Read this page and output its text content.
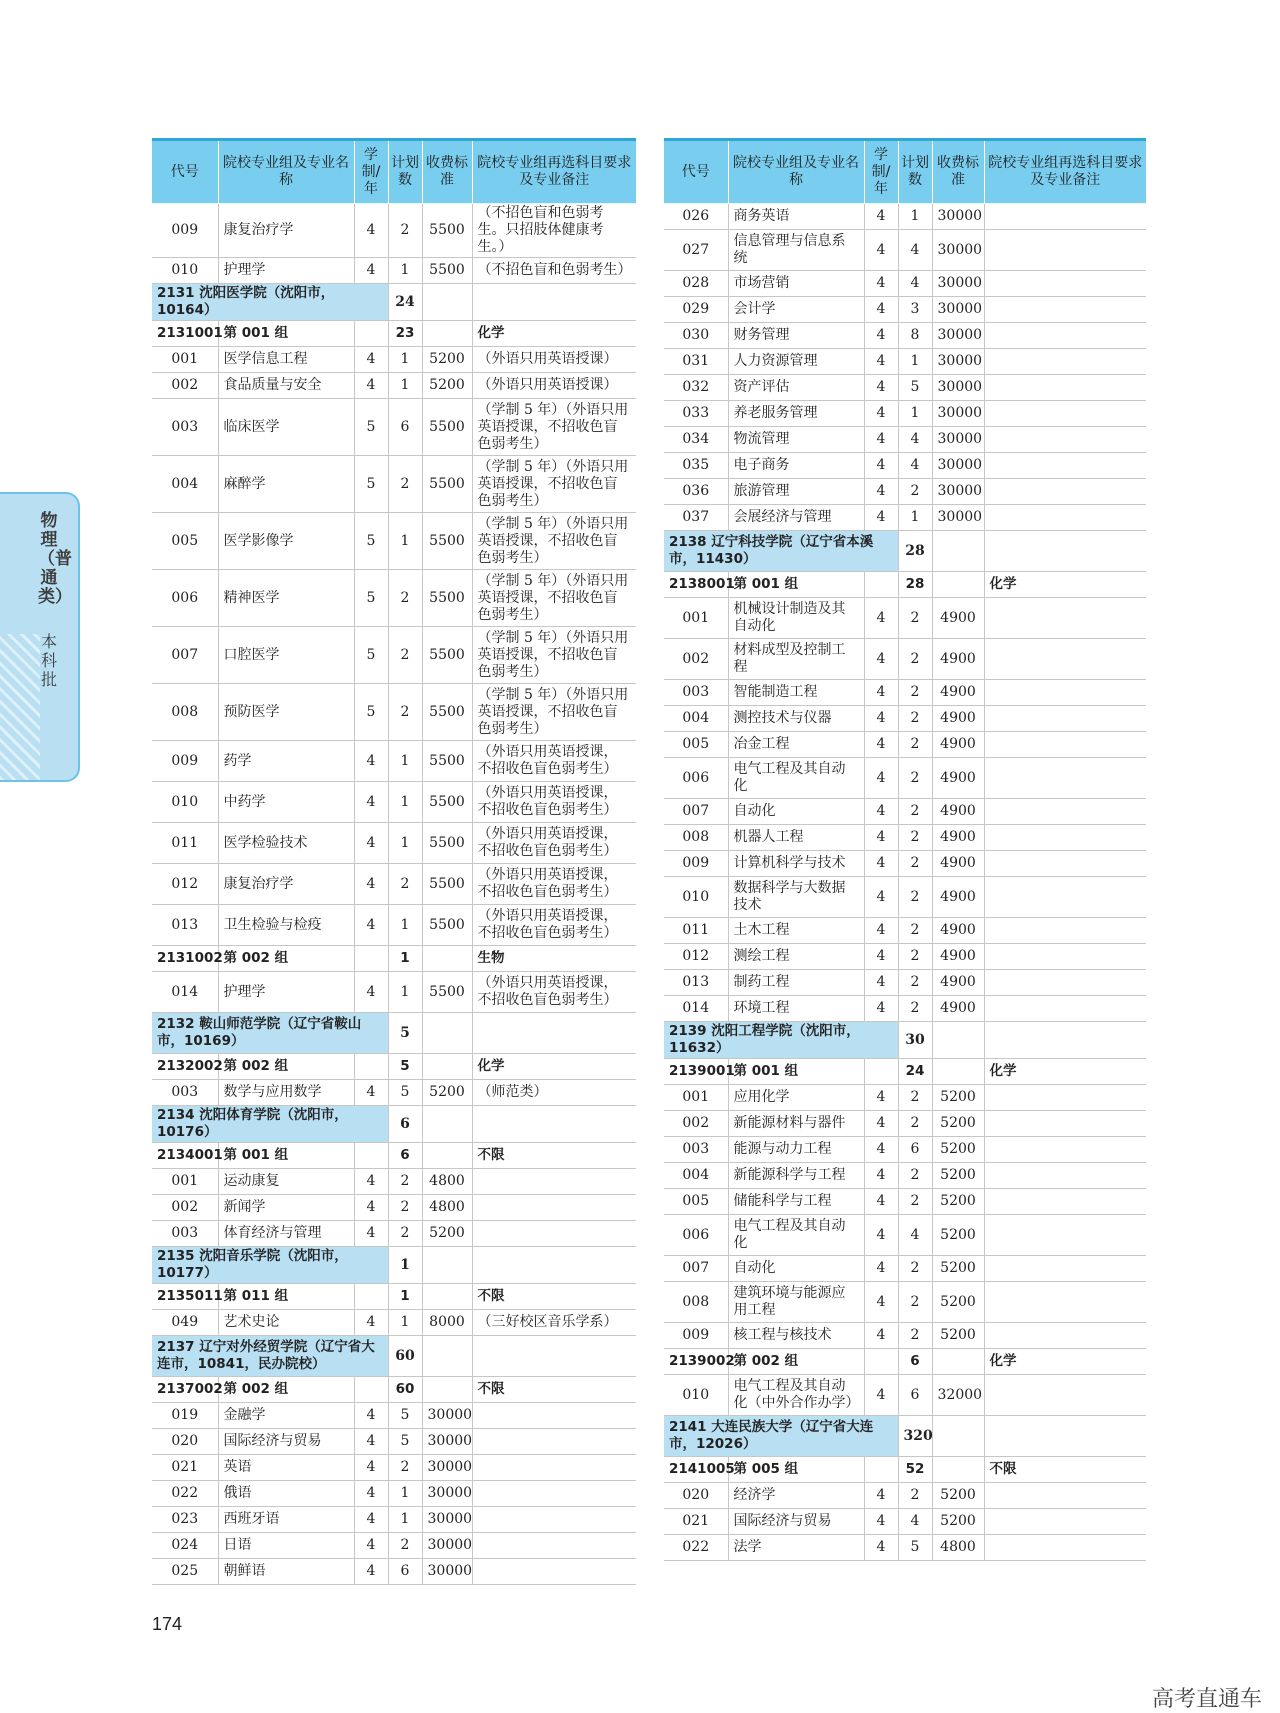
物理（普通类）
本科批
代号	院校专业组及专业名称	学制/年	计划数	收费标准	院校专业组再选科目要求及专业备注
009	康复治疗学	4	2	5500	（不招色盲和色弱考生。只招肢体健康考生。）
010	护理学	4	1	5500	（不招色盲和色弱考生）
2131 沈阳医学院（沈阳市，10164）			24		
2131001	第 001 组		23		化学
001	医学信息工程	4	1	5200	（外语只用英语授课）
002	食品质量与安全	4	1	5200	（外语只用英语授课）
003	临床医学	5	6	5500	（学制 5 年）（外语只用英语授课，不招收色盲色弱考生）
004	麻醉学	5	2	5500	（学制 5 年）（外语只用英语授课，不招收色盲色弱考生）
005	医学影像学	5	1	5500	（学制 5 年）（外语只用英语授课，不招收色盲色弱考生）
006	精神医学	5	2	5500	（学制 5 年）（外语只用英语授课，不招收色盲色弱考生）
007	口腔医学	5	2	5500	（学制 5 年）（外语只用英语授课，不招收色盲色弱考生）
008	预防医学	5	2	5500	（学制 5 年）（外语只用英语授课，不招收色盲色弱考生）
009	药学	4	1	5500	（外语只用英语授课，不招收色盲色弱考生）
010	中药学	4	1	5500	（外语只用英语授课，不招收色盲色弱考生）
011	医学检验技术	4	1	5500	（外语只用英语授课，不招收色盲色弱考生）
012	康复治疗学	4	2	5500	（外语只用英语授课，不招收色盲色弱考生）
013	卫生检验与检疫	4	1	5500	（外语只用英语授课，不招收色盲色弱考生）
2131002	第 002 组		1		生物
014	护理学	4	1	5500	（外语只用英语授课，不招收色盲色弱考生）
2132 鞍山师范学院（辽宁省鞍山市，10169）			5		
2132002	第 002 组		5		化学
003	数学与应用数学	4	5	5200	（师范类）
2134 沈阳体育学院（沈阳市，10176）			6		
2134001	第 001 组		6		不限
001	运动康复	4	2	4800	
002	新闻学	4	2	4800	
003	体育经济与管理	4	2	5200	
2135 沈阳音乐学院（沈阳市，10177）			1		
2135011	第 011 组		1		不限
049	艺术史论	4	1	8000	（三好校区音乐学系）
2137 辽宁对外经贸学院（辽宁省大连市，10841，民办院校）			60		
2137002	第 002 组		60		不限
019	金融学	4	5	30000	
020	国际经济与贸易	4	5	30000	
021	英语	4	2	30000	
022	俄语	4	1	30000	
023	西班牙语	4	1	30000	
024	日语	4	2	30000	
025	朝鲜语	4	6	30000	
代号	院校专业组及专业名称	学制/年	计划数	收费标准	院校专业组再选科目要求及专业备注
026	商务英语	4	1	30000	
027	信息管理与信息系统	4	4	30000	
028	市场营销	4	4	30000	
029	会计学	4	3	30000	
030	财务管理	4	8	30000	
031	人力资源管理	4	1	30000	
032	资产评估	4	5	30000	
033	养老服务管理	4	1	30000	
034	物流管理	4	4	30000	
035	电子商务	4	4	30000	
036	旅游管理	4	2	30000	
037	会展经济与管理	4	1	30000	
2138 辽宁科技学院（辽宁省本溪市，11430）			28		
2138001	第 001 组		28		化学
001	机械设计制造及其自动化	4	2	4900	
002	材料成型及控制工程	4	2	4900	
003	智能制造工程	4	2	4900	
004	测控技术与仪器	4	2	4900	
005	冶金工程	4	2	4900	
006	电气工程及其自动化	4	2	4900	
007	自动化	4	2	4900	
008	机器人工程	4	2	4900	
009	计算机科学与技术	4	2	4900	
010	数据科学与大数据技术	4	2	4900	
011	土木工程	4	2	4900	
012	测绘工程	4	2	4900	
013	制药工程	4	2	4900	
014	环境工程	4	2	4900	
2139 沈阳工程学院（沈阳市，11632）			30		
2139001	第 001 组		24		化学
001	应用化学	4	2	5200	
002	新能源材料与器件	4	2	5200	
003	能源与动力工程	4	6	5200	
004	新能源科学与工程	4	2	5200	
005	储能科学与工程	4	2	5200	
006	电气工程及其自动化	4	4	5200	
007	自动化	4	2	5200	
008	建筑环境与能源应用工程	4	2	5200	
009	核工程与核技术	4	2	5200	
2139002	第 002 组		6		化学
010	电气工程及其自动化（中外合作办学）	4	6	32000	
2141 大连民族大学（辽宁省大连市，12026）			320		
2141005	第 005 组		52		不限
020	经济学	4	2	5200	
021	国际经济与贸易	4	4	5200	
022	法学	4	5	4800	
174
高考直通车
